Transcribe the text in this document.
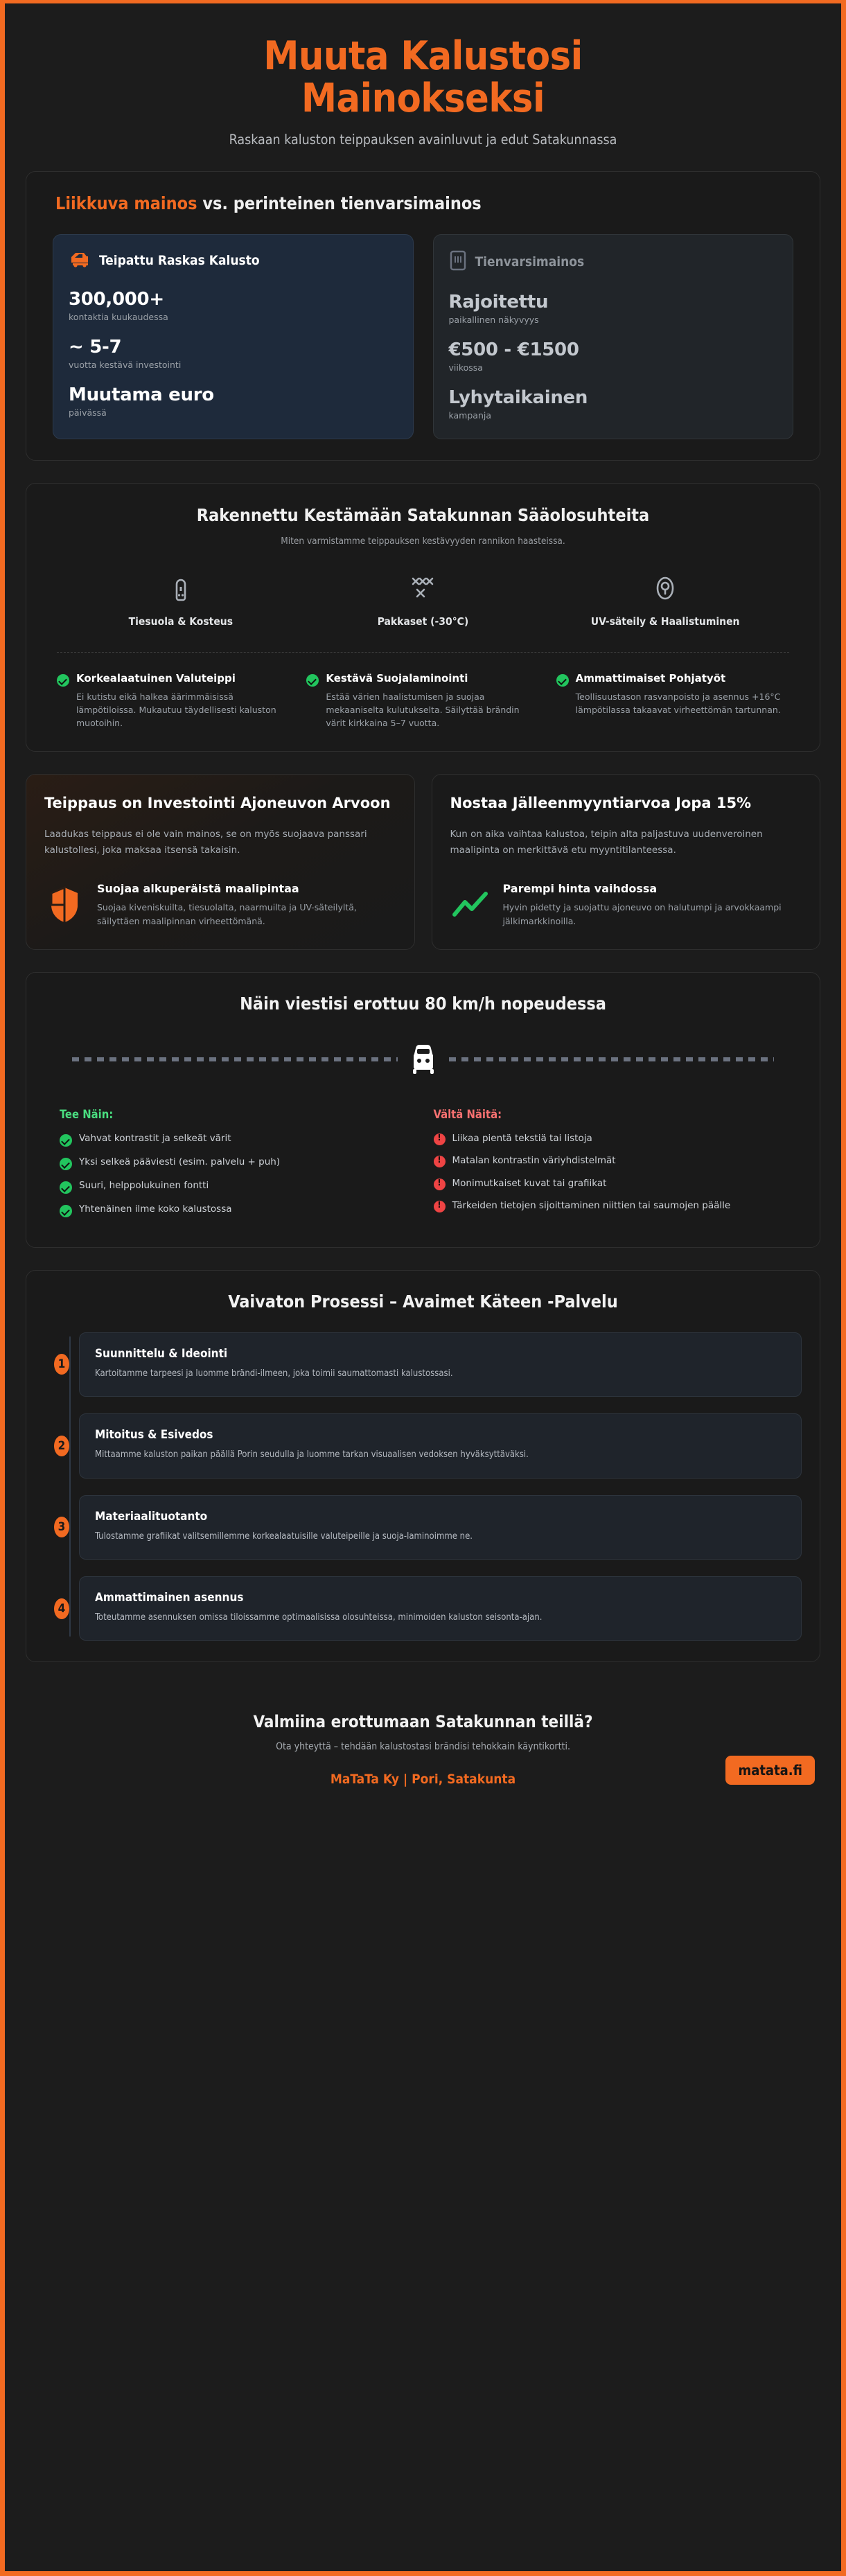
Muuta Kalustosi
Mainokseksi
Raskaan kaluston teippauksen avainluvut ja edut Satakunnassa
Liikkuva mainos vs. perinteinen tienvarsimainos
Teipattu Raskas Kalusto
300,000+
kontaktia kuukaudessa
~ 5-7
vuotta kestävä investointi
Muutama euro
päivässä
Tienvarsimainos
Rajoitettu
paikallinen näkyvyys
€500 - €1500
viikossa
Lyhytaikainen
kampanja
Rakennettu Kestämään Satakunnan Sääolosuhteita
Miten varmistamme teippauksen kestävyyden rannikon haasteissa.
Tiesuola & Kosteus	Pakkaset (-30°C)	UV-säteily & Haalistuminen
Korkealaatuinen Valuteippi
Ei kutistu eikä halkea äärimmäisissä lämpötiloissa. Mukautuu täydellisesti kaluston muotoihin.
Kestävä Suojalaminointi
Estää värien haalistumisen ja suojaa mekaaniselta kulutukselta. Säilyttää brändin värit kirkkaina 5–7 vuotta.
Ammattimaiset Pohjatyöt
Teollisuustason rasvanpoisto ja asennus +16°C lämpötilassa takaavat virheettömän tartunnan.
Teippaus on Investointi Ajoneuvon Arvoon

Laadukas teippaus ei ole vain mainos, se on myös suojaava panssari kalustollesi, joka maksaa itsensä takaisin.

Suojaa alkuperäistä maalipintaa
Suojaa kiveniskuilta, tiesuolalta, naarmuilta ja UV-säteilyltä, säilyttäen maalipinnan virheettömänä.
Nostaa Jälleenmyyntiarvoa Jopa 15%

Kun on aika vaihtaa kalustoa, teipin alta paljastuva uudenveroinen maalipinta on merkittävä etu myyntitilanteessa.

Parempi hinta vaihdossa
Hyvin pidetty ja suojattu ajoneuvo on halutumpi ja arvokkaampi jälkimarkkinoilla.
Näin viestisi erottuu 80 km/h nopeudessa
Tee Näin:
Vahvat kontrastit ja selkeät värit
Yksi selkeä pääviesti (esim. palvelu + puh)
Suuri, helppolukuinen fontti
Yhtenäinen ilme koko kalustossa
Vältä Näitä:
!
Liikaa pientä tekstiä tai listoja
!
Matalan kontrastin väriyhdistelmät
!
Monimutkaiset kuvat tai grafiikat
!
Tärkeiden tietojen sijoittaminen niittien tai saumojen päälle
Vaivaton Prosessi – Avaimet Käteen -Palvelu
1
Suunnittelu & Ideointi
Kartoitamme tarpeesi ja luomme brändi-ilmeen, joka toimii saumattomasti kalustossasi.
2
Mitoitus & Esivedos
Mittaamme kaluston paikan päällä Porin seudulla ja luomme tarkan visuaalisen vedoksen hyväksyttäväksi.
3
Materiaalituotanto
Tulostamme grafiikat valitsemillemme korkealaatuisille valuteipeille ja suoja-laminoimme ne.
4
Ammattimainen asennus
Toteutamme asennuksen omissa tiloissamme optimaalisissa olosuhteissa, minimoiden kaluston seisonta-ajan.
Valmiina erottumaan Satakunnan teillä?
Ota yhteyttä – tehdään kalustostasi brändisi tehokkain käyntikortti.
MaTaTa Ky | Pori, Satakunta
matata.fi
